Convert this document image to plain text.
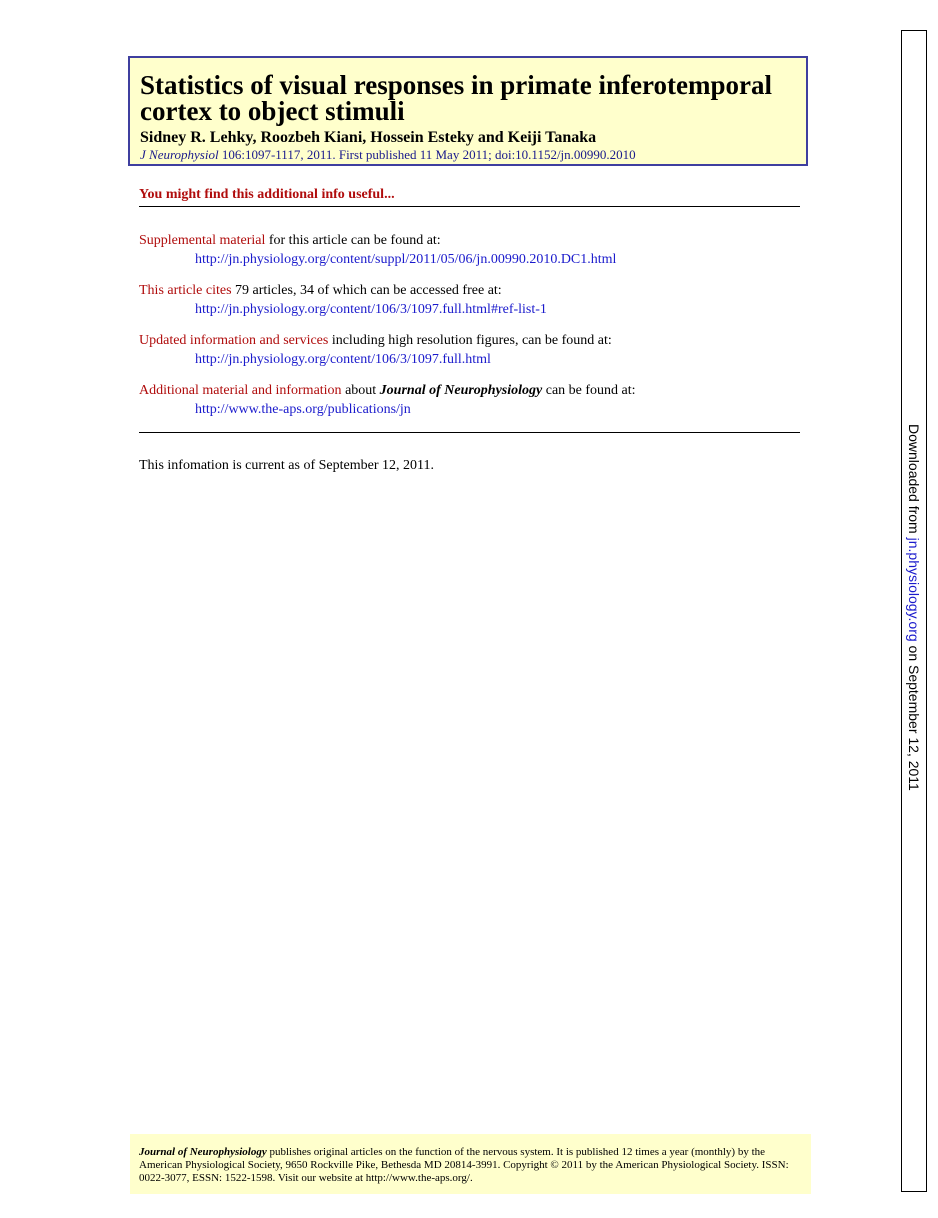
Statistics of visual responses in primate inferotemporal cortex to object stimuli
Sidney R. Lehky, Roozbeh Kiani, Hossein Esteky and Keiji Tanaka
J Neurophysiol 106:1097-1117, 2011. First published 11 May 2011; doi:10.1152/jn.00990.2010
You might find this additional info useful...
Supplemental material for this article can be found at:
http://jn.physiology.org/content/suppl/2011/05/06/jn.00990.2010.DC1.html
This article cites 79 articles, 34 of which can be accessed free at:
http://jn.physiology.org/content/106/3/1097.full.html#ref-list-1
Updated information and services including high resolution figures, can be found at:
http://jn.physiology.org/content/106/3/1097.full.html
Additional material and information about Journal of Neurophysiology can be found at:
http://www.the-aps.org/publications/jn
This infomation is current as of September 12, 2011.	Downloaded from jn.physiology.org on September 12, 2011
Journal of Neurophysiology publishes original articles on the function of the nervous system. It is published 12 times a year (monthly) by the American Physiological Society, 9650 Rockville Pike, Bethesda MD 20814-3991. Copyright © 2011 by the American Physiological Society. ISSN: 0022-3077, ESSN: 1522-1598. Visit our website at http://www.the-aps.org/.
